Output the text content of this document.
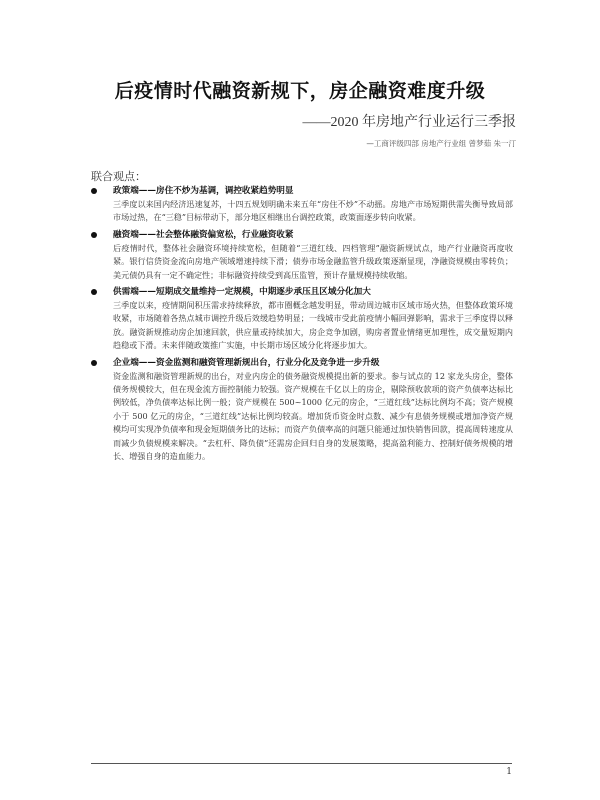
后疫情时代融资新规下，房企融资难度升级
——2020 年房地产行业运行三季报
—工商评级四部 房地产行业组 曾梦茹 朱一汀
联合观点：
政策端——房住不炒为基调，调控收紧趋势明显
三季度以来国内经济迅速复苏，十四五规划明确未来五年“房住不炒”不动摇。房地产市场短期供需失衡导致局部市场过热，在“三稳”目标带动下，部分地区相继出台调控政策，政策面逐步转向收紧。
融资端——社会整体融资偏宽松，行业融资收紧
后疫情时代，整体社会融资环境持续宽松，但随着“三道红线、四档管理”融资新规试点，地产行业融资再度收紧。银行信贷资金流向房地产领域增速持续下滑；债券市场金融监管升级政策逐渐显现，净融资规模由零转负；美元债仍具有一定不确定性；非标融资持续受到高压监管，预计存量规模持续收缩。
供需端——短期成交量维持一定规模，中期逐步承压且区域分化加大
三季度以来，疫情期间积压需求持续释放，都市圈概念越发明显，带动周边城市区域市场火热，但整体政策环境收紧，市场随着各热点城市调控升级后效缓趋势明显；一线城市受此前疫情小幅回弹影响，需求于三季度得以释放。融资新规推动房企加速回款，供应量或持续加大，房企竞争加剧，购房者置业情绪更加理性，成交量短期内趋稳或下滑。未来伴随政策推广实施，中长期市场区域分化将逐步加大。
企业端——资金监测和融资管理新规出台，行业分化及竞争进一步升级
资金监测和融资管理新规的出台，对业内房企的债务融资规模提出新的要求。参与试点的 12 家龙头房企，整体债务规模较大，但在现金流方面控制能力较强。资产规模在千亿以上的房企，剔除预收款项的资产负债率达标比例较低，净负债率达标比例一般；资产规模在 500~1000 亿元的房企，“三道红线”达标比例均不高；资产规模小于 500 亿元的房企，“三道红线”达标比例均较高。增加货币资金时点数、减少有息债务规模或增加净资产规模均可实现净负债率和现金短期债务比的达标；而资产负债率高的问题只能通过加快销售回款，提高周转速度从而减少负债规模来解决。“去杠杆、降负债”还需房企回归自身的发展策略，提高盈利能力、控制好债务规模的增长、增强自身的造血能力。
1
